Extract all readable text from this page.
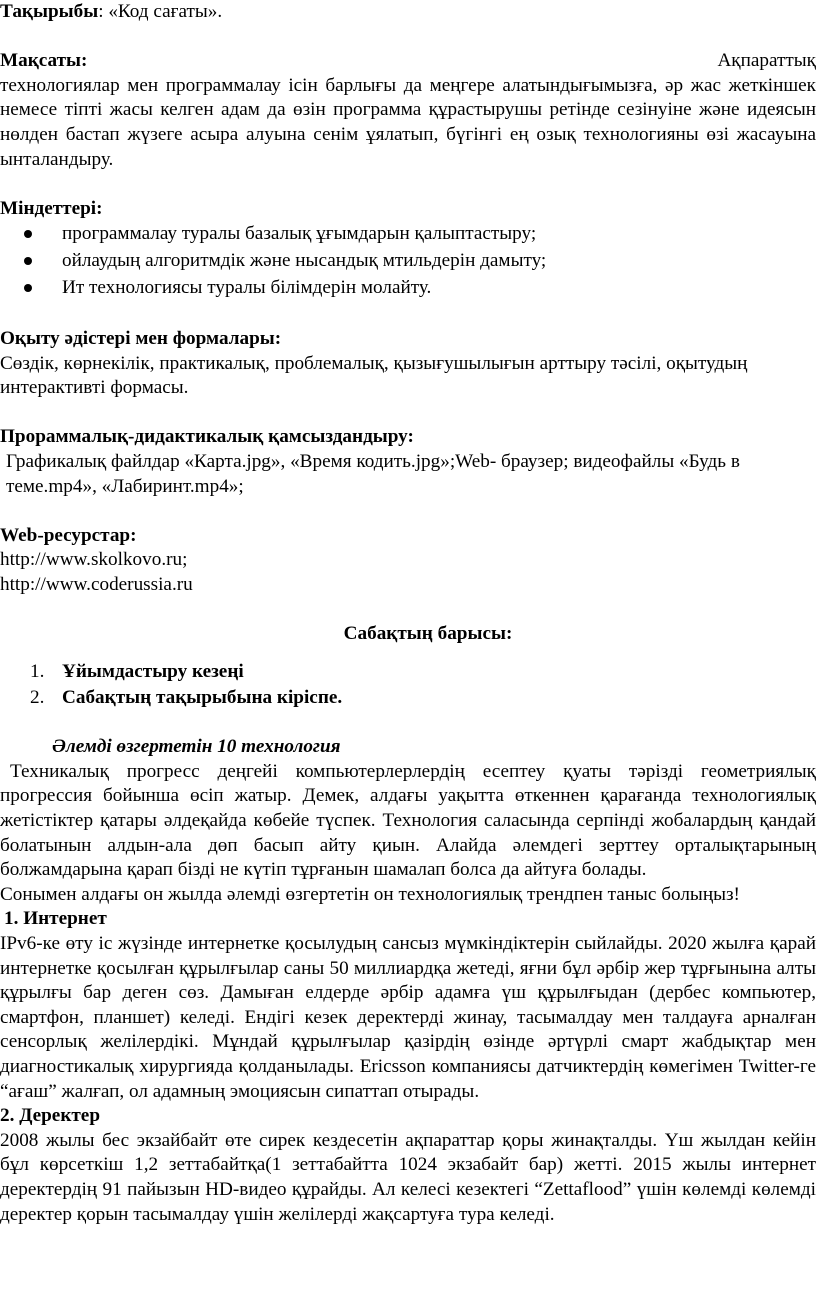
Тақырыбы: «Код сағаты».

Мақсаты:	Ақпараттық

технологиялар мен программалау ісін барлығы да меңгере алатындығымызға, әр жас жеткіншек немесе тіпті жасы келген адам да өзін программа құрастырушы ретінде сезінуіне және идеясын нөлден бастап жүзеге асыра алуына сенім ұялатып, бүгінгі ең озық технологияны өзі жасауына ынталандыру.

Міндеттері:

программалау туралы базалық ұғымдарын қалыптастыру;
ойлаудың алгоритмдік және нысандық мтильдерін дамыту;
Ит технологиясы туралы білімдерін молайту.

Оқыту әдістері мен формалары:

Сөздік, көрнекілік, практикалық, проблемалық, қызығушылығын арттыру тәсілі, оқытудың интерактивті формасы.

Прораммалық-дидактикалық қамсыздандыру:

Графикалық файлдар «Карта.jpg», «Время кодить.jpg»;Web- браузер; видеофайлы «Будь в теме.mp4», «Лабиринт.mp4»;

Web-ресурстар:

http://www.skolkovo.ru;

http://www.coderussia.ru

Сабақтың барысы:

1. Ұйымдастыру кезеңі
2. Сабақтың тақырыбына кіріспе.

Әлемді өзгертетін 10 технология

Техникалық прогресс деңгейі компьютерлерлердің есептеу қуаты тәрізді геометриялық прогрессия бойынша өсіп жатыр. Демек, алдағы уақытта өткеннен қарағанда технологиялық жетістіктер қатары әлдеқайда көбейе түспек. Технология саласында серпінді жобалардың қандай болатынын алдын-ала дөп басып айту қиын. Алайда әлемдегі зерттеу орталықтарының болжамдарына қарап бізді не күтіп тұрғанын шамалап болса да айтуға болады.

Сонымен алдағы он жылда әлемді өзгертетін он технологиялық трендпен таныс болыңыз!

1. Интернет

IPv6-ке өту іс жүзінде интернетке қосылудың сансыз мүмкіндіктерін сыйлайды. 2020 жылға қарай интернетке қосылған құрылғылар саны 50 миллиардқа жетеді, яғни бұл әрбір жер тұрғынына алты құрылғы бар деген сөз. Дамыған елдерде әрбір адамға үш құрылғыдан (дербес компьютер, смартфон, планшет) келеді. Ендігі кезек деректерді жинау, тасымалдау мен талдауға арналған сенсорлық желілердікі. Мұндай құрылғылар қазірдің өзінде әртүрлі смарт жабдықтар мен диагностикалық хирургияда қолданылады. Ericsson компаниясы датчиктердің көмегімен Twitter-ге “ағаш” жалғап, ол адамның эмоциясын сипаттап отырады.

2. Деректер

2008 жылы бес экзайбайт өте сирек кездесетін ақпараттар қоры жинақталды. Үш жылдан кейін бұл көрсеткіш 1,2 зеттабайтқа(1 зеттабайтта 1024 экзабайт бар) жетті. 2015 жылы интернет деректердің 91 пайызын HD-видео құрайды. Ал келесі кезектегі “Zettaflood” үшін көлемді көлемді деректер қорын тасымалдау үшін желілерді жақсартуға тура келеді.
